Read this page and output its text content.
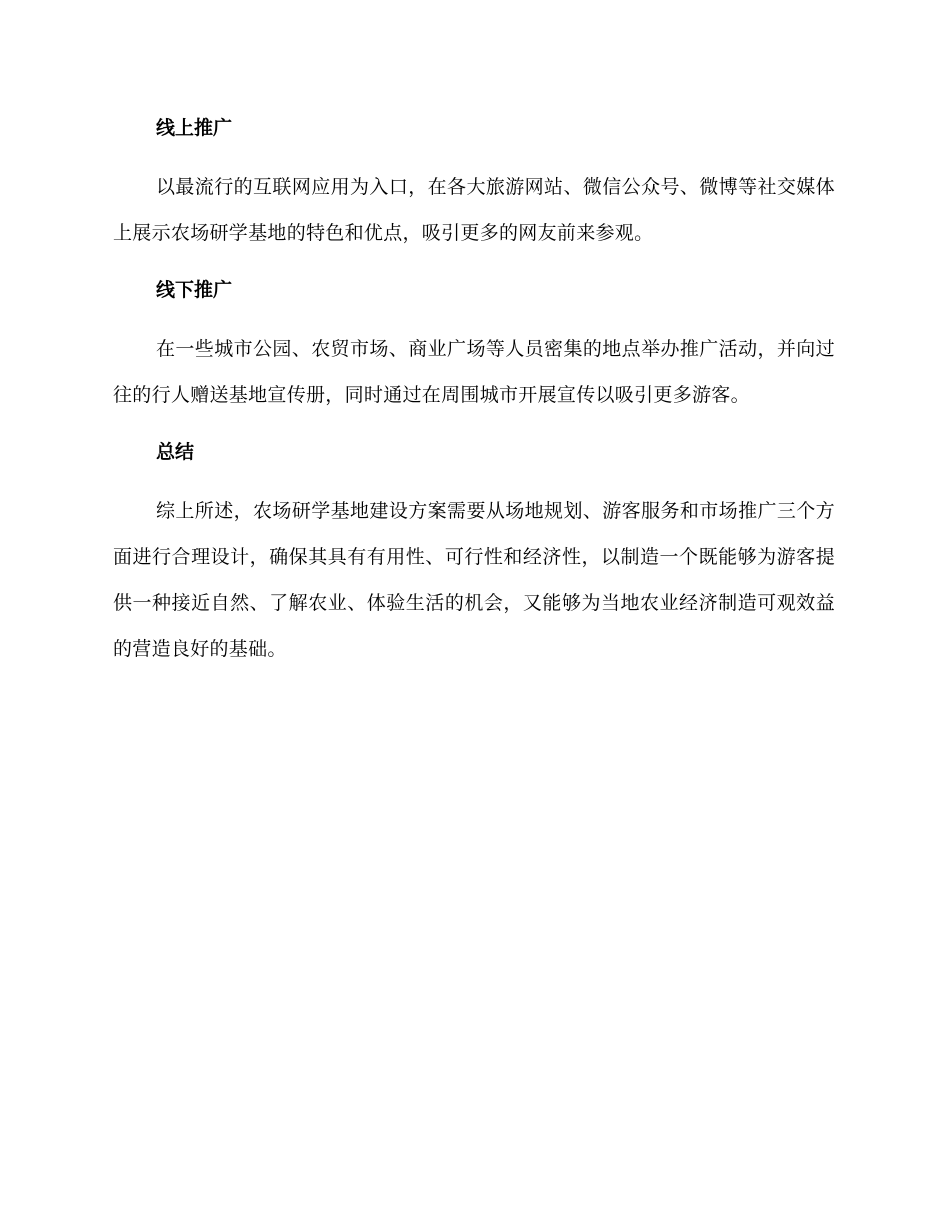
线上推广

以最流行的互联网应用为入口，在各大旅游网站、微信公众号、微博等社交媒体上展示农场研学基地的特色和优点，吸引更多的网友前来参观。

线下推广

在一些城市公园、农贸市场、商业广场等人员密集的地点举办推广活动，并向过往的行人赠送基地宣传册，同时通过在周围城市开展宣传以吸引更多游客。

总结

综上所述，农场研学基地建设方案需要从场地规划、游客服务和市场推广三个方面进行合理设计，确保其具有有用性、可行性和经济性，以制造一个既能够为游客提供一种接近自然、了解农业、体验生活的机会，又能够为当地农业经济制造可观效益的营造良好的基础。
